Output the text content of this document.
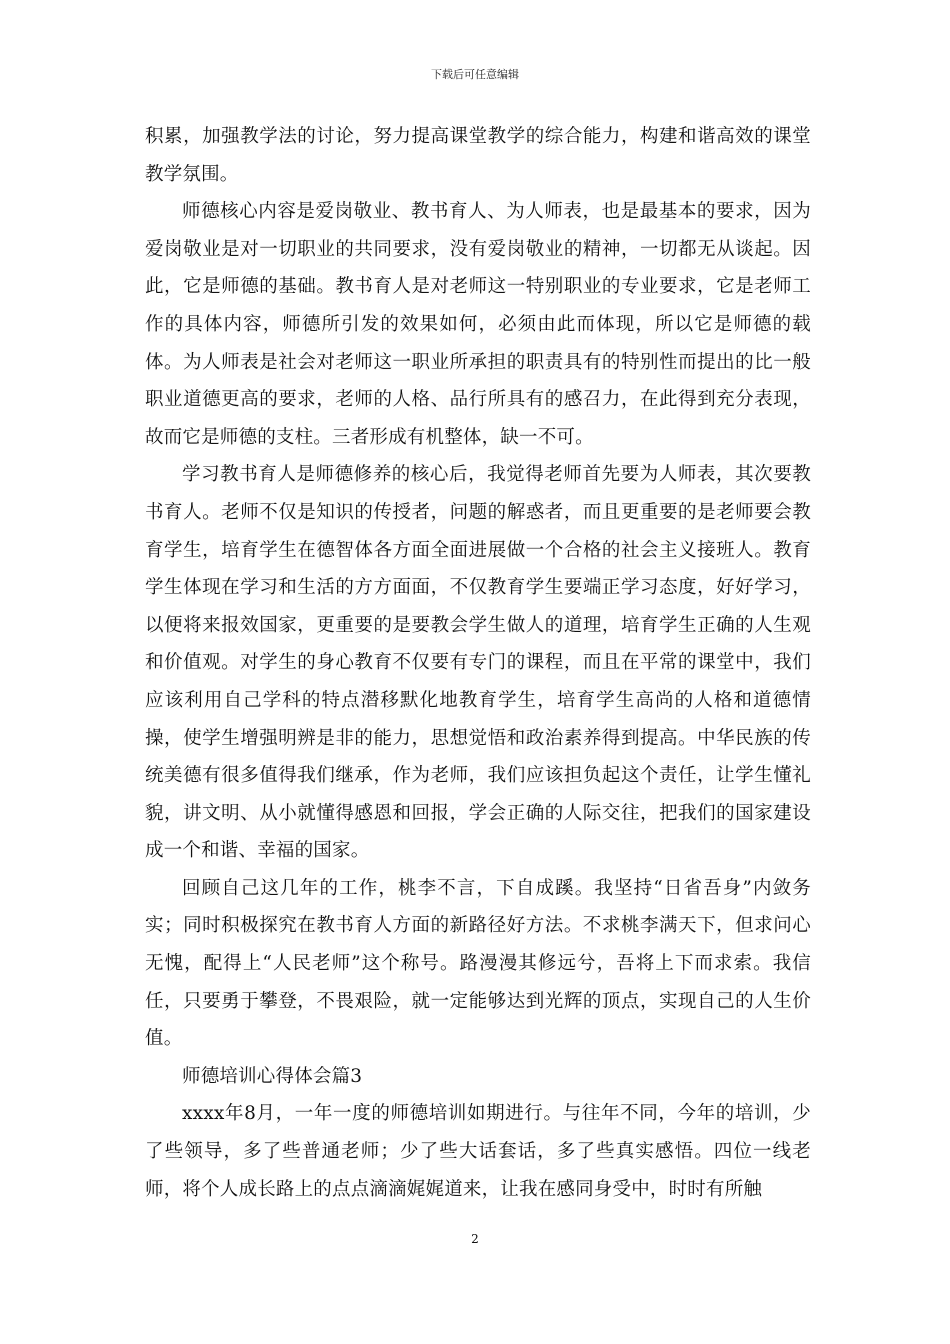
下载后可任意编辑

积累，加强教学法的讨论，努力提高课堂教学的综合能力，构建和谐高效的课堂教学氛围。

师德核心内容是爱岗敬业、教书育人、为人师表，也是最基本的要求，因为爱岗敬业是对一切职业的共同要求，没有爱岗敬业的精神，一切都无从谈起。因此，它是师德的基础。教书育人是对老师这一特别职业的专业要求，它是老师工作的具体内容，师德所引发的效果如何，必须由此而体现，所以它是师德的载体。为人师表是社会对老师这一职业所承担的职责具有的特别性而提出的比一般职业道德更高的要求，老师的人格、品行所具有的感召力，在此得到充分表现，故而它是师德的支柱。三者形成有机整体，缺一不可。

学习教书育人是师德修养的核心后，我觉得老师首先要为人师表，其次要教书育人。老师不仅是知识的传授者，问题的解惑者，而且更重要的是老师要会教育学生，培育学生在德智体各方面全面进展做一个合格的社会主义接班人。教育学生体现在学习和生活的方方面面，不仅教育学生要端正学习态度，好好学习，以便将来报效国家，更重要的是要教会学生做人的道理，培育学生正确的人生观和价值观。对学生的身心教育不仅要有专门的课程，而且在平常的课堂中，我们应该利用自己学科的特点潜移默化地教育学生，培育学生高尚的人格和道德情操，使学生增强明辨是非的能力，思想觉悟和政治素养得到提高。中华民族的传统美德有很多值得我们继承，作为老师，我们应该担负起这个责任，让学生懂礼貌，讲文明、从小就懂得感恩和回报，学会正确的人际交往，把我们的国家建设成一个和谐、幸福的国家。

回顾自己这几年的工作，桃李不言，下自成蹊。我坚持“日省吾身”内敛务实；同时积极探究在教书育人方面的新路径好方法。不求桃李满天下，但求问心无愧，配得上“人民老师”这个称号。路漫漫其修远兮，吾将上下而求索。我信任，只要勇于攀登，不畏艰险，就一定能够达到光辉的顶点，实现自己的人生价值。

师德培训心得体会篇3

xxxx年8月，一年一度的师德培训如期进行。与往年不同，今年的培训，少了些领导，多了些普通老师；少了些大话套话，多了些真实感悟。四位一线老师，将个人成长路上的点点滴滴娓娓道来，让我在感同身受中，时时有所触

2
